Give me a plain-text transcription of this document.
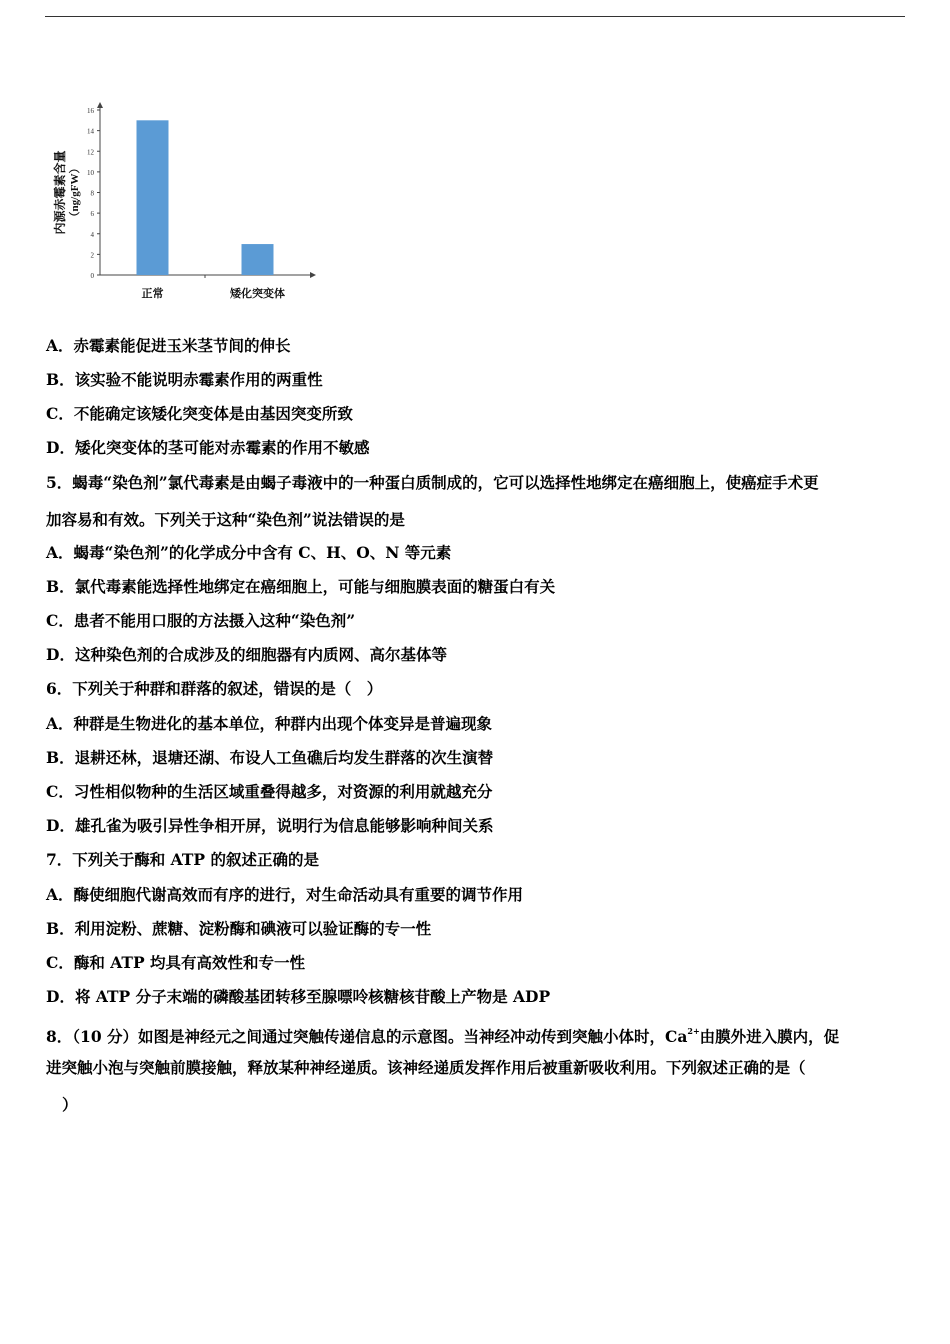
0
2
4
6
8
10
12
14
16
正常	矮化突变体
内源赤霉素含量 （ng/gFW）
A．赤霉素能促进玉米茎节间的伸长
B．该实验不能说明赤霉素作用的两重性
C．不能确定该矮化突变体是由基因突变所致
D．矮化突变体的茎可能对赤霉素的作用不敏感
5．蝎毒“染色剂”氯代毒素是由蝎子毒液中的一种蛋白质制成的，它可以选择性地绑定在癌细胞上，使癌症手术更
加容易和有效。下列关于这种“染色剂”说法错误的是
A．蝎毒“染色剂”的化学成分中含有 C、H、O、N 等元素
B．氯代毒素能选择性地绑定在癌细胞上，可能与细胞膜表面的糖蛋白有关
C．患者不能用口服的方法摄入这种“染色剂”
D．这种染色剂的合成涉及的细胞器有内质网、高尔基体等
6．下列关于种群和群落的叙述，错误的是（　）
A．种群是生物进化的基本单位，种群内出现个体变异是普遍现象
B．退耕还林，退塘还湖、布设人工鱼礁后均发生群落的次生演替
C．习性相似物种的生活区域重叠得越多，对资源的利用就越充分
D．雄孔雀为吸引异性争相开屏，说明行为信息能够影响种间关系
7．下列关于酶和 ATP 的叙述正确的是
A．酶使细胞代谢高效而有序的进行，对生命活动具有重要的调节作用
B．利用淀粉、蔗糖、淀粉酶和碘液可以验证酶的专一性
C．酶和 ATP 均具有高效性和专一性
D．将 ATP 分子末端的磷酸基团转移至腺嘌呤核糖核苷酸上产物是 ADP
8．（10 分）如图是神经元之间通过突触传递信息的示意图。当神经冲动传到突触小体时，$Ca^{2+}$由膜外进入膜内，促
进突触小泡与突触前膜接触，释放某种神经递质。该神经递质发挥作用后被重新吸收利用。下列叙述正确的是（
）
